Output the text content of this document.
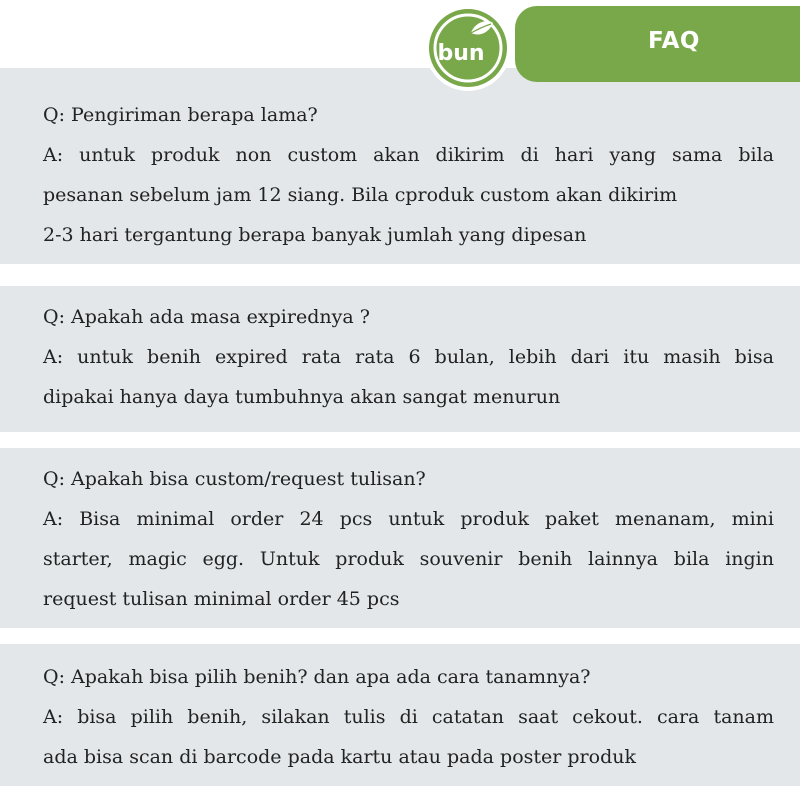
Q: Pengiriman berapa lama?
A: untuk produk non custom akan dikirim di hari yang sama bila
pesanan sebelum jam 12 siang. Bila cproduk custom akan dikirim
2-3 hari tergantung berapa banyak jumlah yang dipesan
Q: Apakah ada masa expirednya ?
A: untuk benih expired rata rata 6 bulan, lebih dari itu masih bisa
dipakai hanya daya tumbuhnya akan sangat menurun
Q: Apakah bisa custom/request tulisan?
A: Bisa minimal order 24 pcs untuk produk paket menanam, mini
starter, magic egg. Untuk produk souvenir benih lainnya bila ingin
request tulisan minimal order 45 pcs
Q: Apakah bisa pilih benih? dan apa ada cara tanamnya?
A: bisa pilih benih, silakan tulis di catatan saat cekout. cara tanam
ada bisa scan di barcode pada kartu atau pada poster produk
FAQ
bun
